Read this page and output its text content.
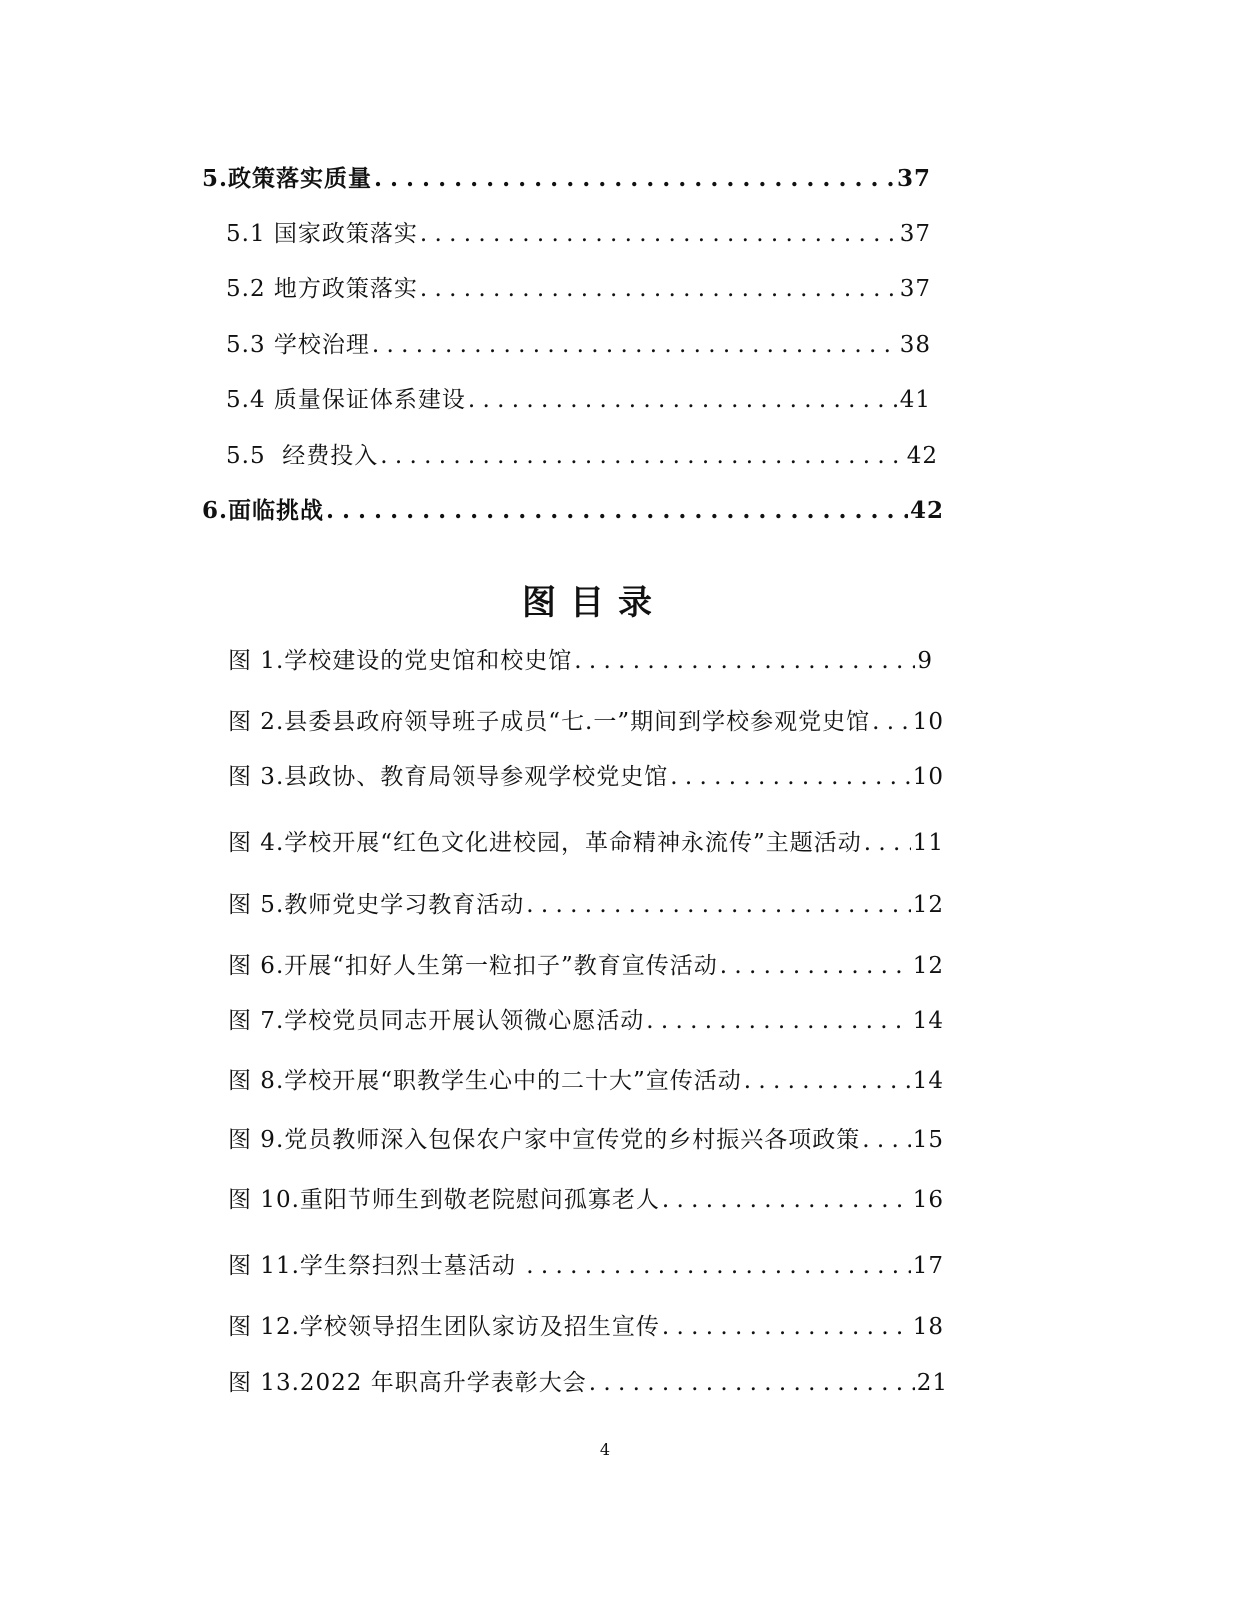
5.政策落实质量 . . .	37
5.1 国家政策落实 . . .	37
5.2 地方政策落实 . . .	37
5.3 学校治理 . . .	38
5.4 质量保证体系建设 . . .	41
5.5  经费投入 . . .	42
6.面临挑战 . . .	42
图目录
图 1.学校建设的党史馆和校史馆 . . .	9
图 2.县委县政府领导班子成员“七.一”期间到学校参观党史馆 . . . 10
图 3.县政协、教育局领导参观学校党史馆 . . .	10
图 4.学校开展“红色文化进校园，革命精神永流传”主题活动 . . . 11
图 5.教师党史学习教育活动 . . .	12
图 6.开展“扣好人生第一粒扣子”教育宣传活动 . . .	12
图 7.学校党员同志开展认领微心愿活动 . . .	14
图 8.学校开展“职教学生心中的二十大”宣传活动 . . .	14
图 9.党员教师深入包保农户家中宣传党的乡村振兴各项政策 . . . 15
图 10.重阳节师生到敬老院慰问孤寡老人 . . .	16
图 11.学生祭扫烈士墓活动 . . .	17
图 12.学校领导招生团队家访及招生宣传 . . .	18
图 13.2022 年职高升学表彰大会 . . .	21
4
